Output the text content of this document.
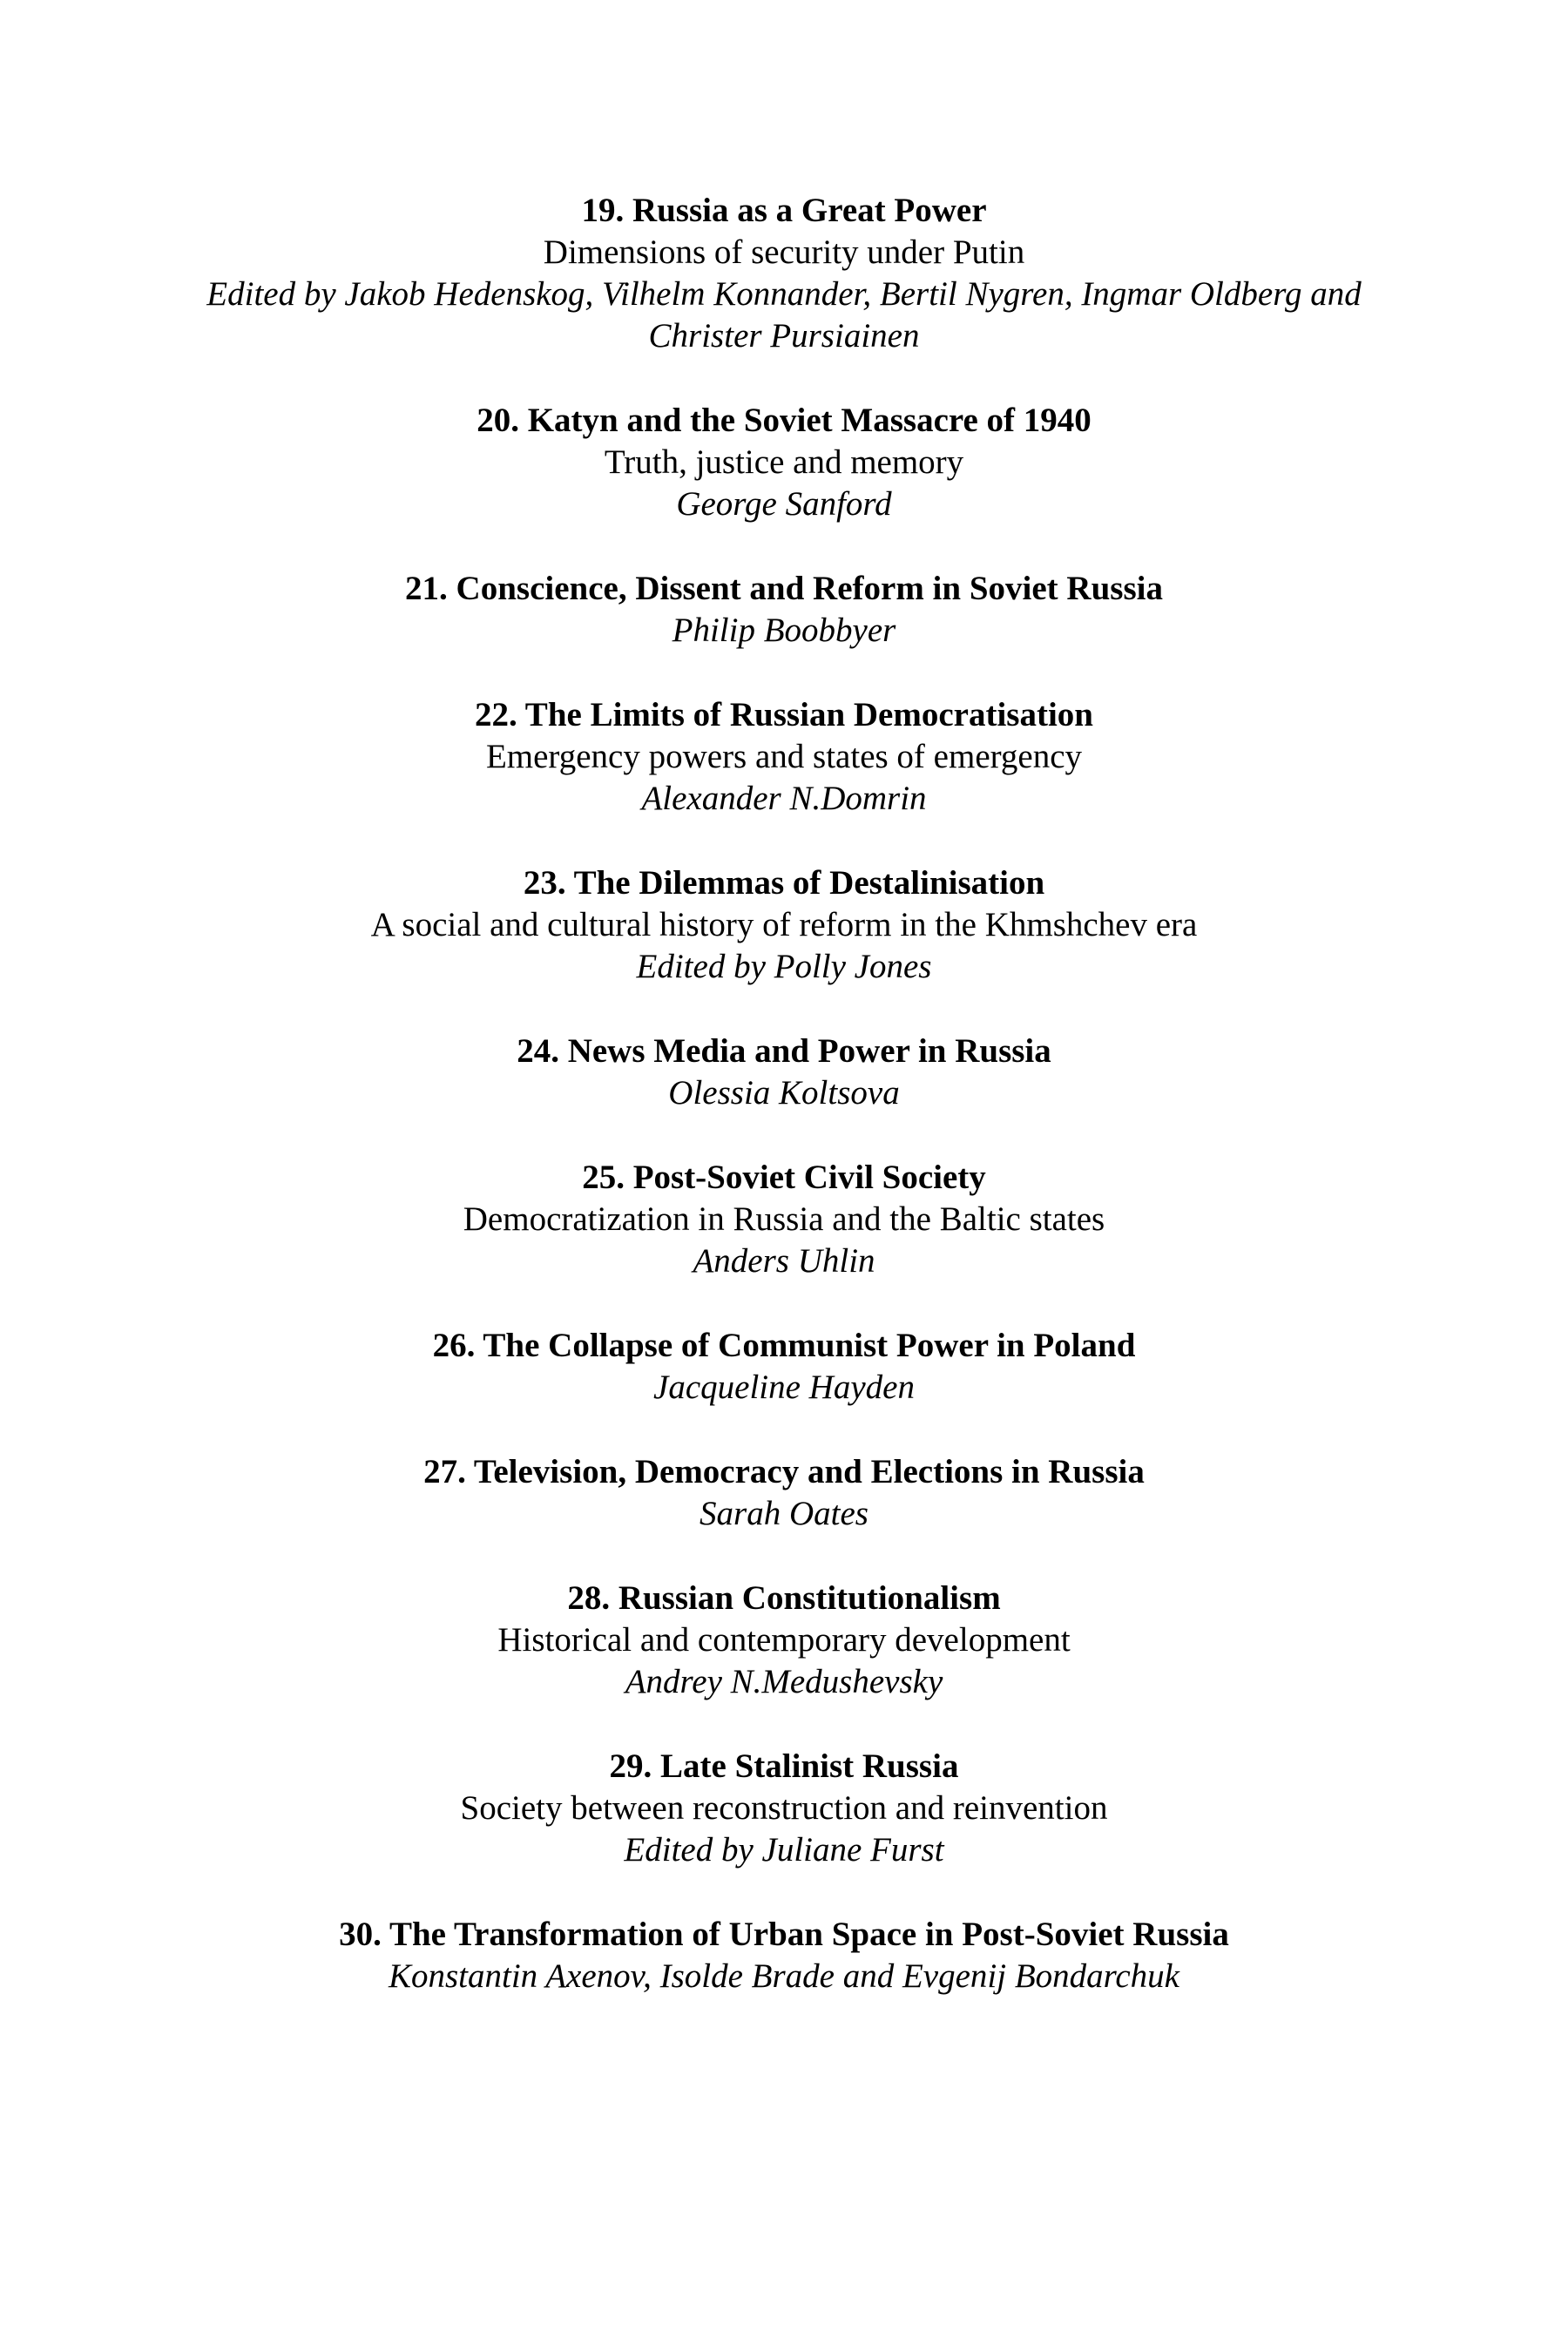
19. Russia as a Great Power

Dimensions of security under Putin

Edited by Jakob Hedenskog, Vilhelm Konnander, Bertil Nygren, Ingmar Oldberg and Christer Pursiainen

20. Katyn and the Soviet Massacre of 1940

Truth, justice and memory

George Sanford

21. Conscience, Dissent and Reform in Soviet Russia

Philip Boobbyer

22. The Limits of Russian Democratisation

Emergency powers and states of emergency

Alexander N.Domrin

23. The Dilemmas of Destalinisation

A social and cultural history of reform in the Khmshchev era

Edited by Polly Jones

24. News Media and Power in Russia

Olessia Koltsova

25. Post-Soviet Civil Society

Democratization in Russia and the Baltic states

Anders Uhlin

26. The Collapse of Communist Power in Poland

Jacqueline Hayden

27. Television, Democracy and Elections in Russia

Sarah Oates

28. Russian Constitutionalism

Historical and contemporary development

Andrey N.Medushevsky

29. Late Stalinist Russia

Society between reconstruction and reinvention

Edited by Juliane Furst

30. The Transformation of Urban Space in Post-Soviet Russia

Konstantin Axenov, Isolde Brade and Evgenij Bondarchuk
